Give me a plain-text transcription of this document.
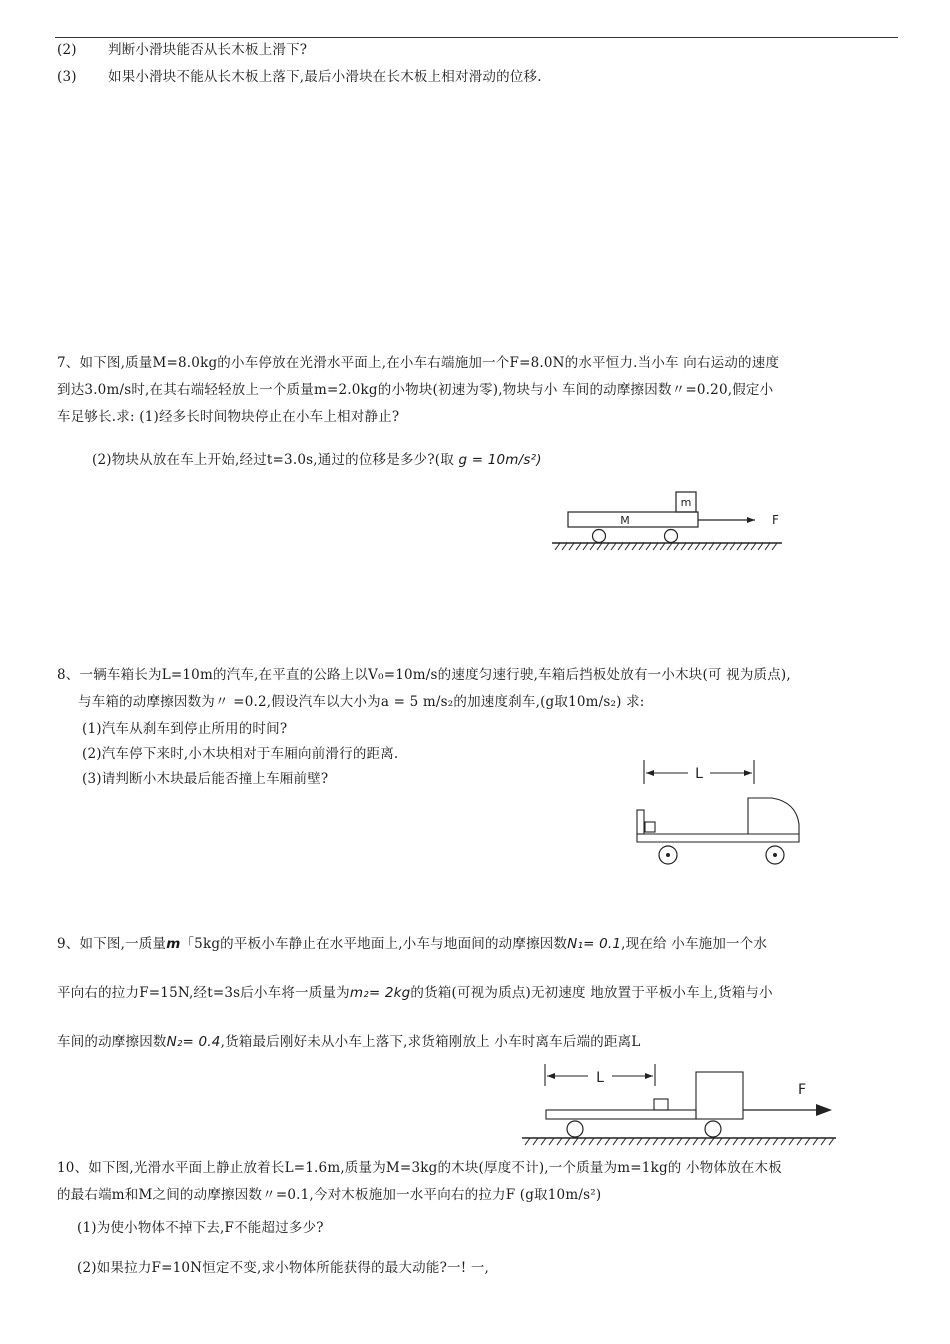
(2) 判断小滑块能否从长木板上滑下?
(3) 如果小滑块不能从长木板上落下,最后小滑块在长木板上相对滑动的位移.
7、如下图,质量M=8.0kg的小车停放在光滑水平面上,在小车右端施加一个F=8.0N的水平恒力.当小车 向右运动的速度
到达3.0m/s时,在其右端轻轻放上一个质量m=2.0kg的小物块(初速为零),物块与小 车间的动摩擦因数〃=0.20,假定小
车足够长.求: (1)经多长时间物块停止在小车上相对静止?
(2)物块从放在车上开始,经过t=3.0s,通过的位移是多少?(取 g = 10m/s²)
m
M	F
8、一辆车箱长为L=10m的汽车,在平直的公路上以V₀=10m/s的速度匀速行驶,车箱后挡板处放有一小木块(可 视为质点),
与车箱的动摩擦因数为〃 =0.2,假设汽车以大小为a = 5 m/s₂的加速度刹车,(g取10m/s₂) 求:
(1)汽车从刹车到停止所用的时间?
(2)汽车停下来时,小木块相对于车厢向前滑行的距离.
(3)请判断小木块最后能否撞上车厢前壁?	L
9、如下图,一质量m「5kg的平板小车静止在水平地面上,小车与地面间的动摩擦因数N₁= 0.1,现在给 小车施加一个水
平向右的拉力F=15N,经t=3s后小车将一质量为m₂= 2kg的货箱(可视为质点)无初速度 地放置于平板小车上,货箱与小
车间的动摩擦因数N₂= 0.4,货箱最后刚好未从小车上落下,求货箱刚放上 小车时离车后端的距离L
L
F
10、如下图,光滑水平面上静止放着长L=1.6m,质量为M=3kg的木块(厚度不计),一个质量为m=1kg的 小物体放在木板
的最右端m和M之间的动摩擦因数〃=0.1,今对木板施加一水平向右的拉力F (g取10m/s²)
(1)为使小物体不掉下去,F不能超过多少?
(2)如果拉力F=10N恒定不变,求小物体所能获得的最大动能?一! 一,
